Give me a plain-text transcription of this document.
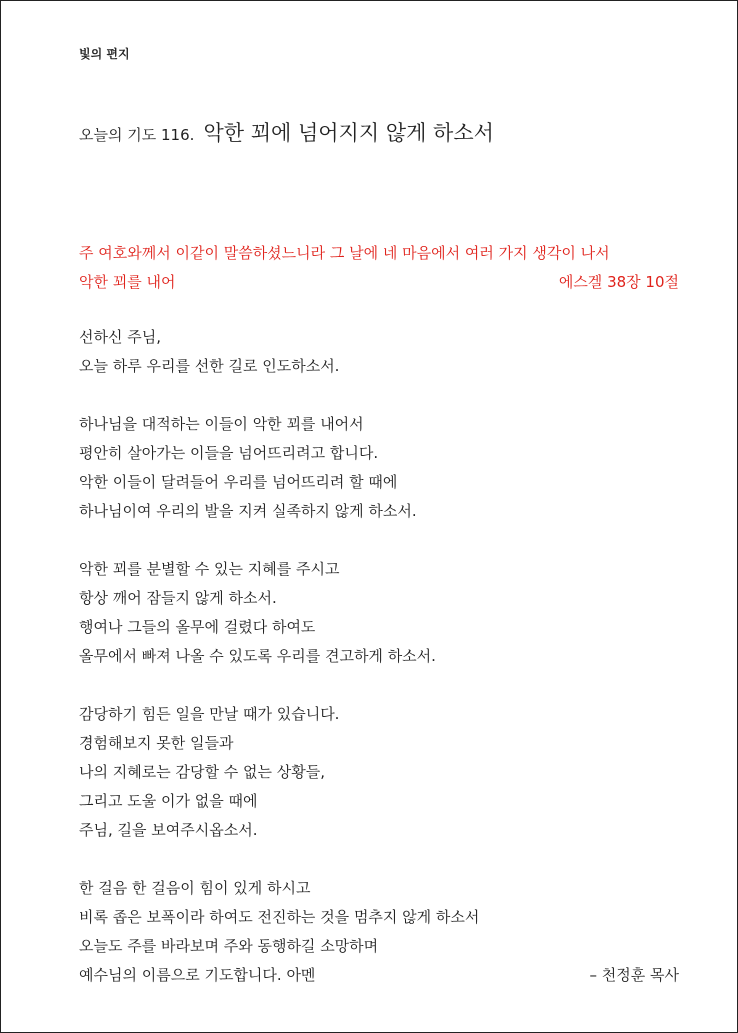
빛의 편지
오늘의 기도 116. 악한 꾀에 넘어지지 않게 하소서
주 여호와께서 이같이 말씀하셨느니라 그 날에 네 마음에서 여러 가지 생각이 나서
악한 꾀를 내어	에스겔 38장 10절
선하신 주님,
오늘 하루 우리를 선한 길로 인도하소서.
하나님을 대적하는 이들이 악한 꾀를 내어서
평안히 살아가는 이들을 넘어뜨리려고 합니다.
악한 이들이 달려들어 우리를 넘어뜨리려 할 때에
하나님이여 우리의 발을 지켜 실족하지 않게 하소서.
악한 꾀를 분별할 수 있는 지혜를 주시고
항상 깨어 잠들지 않게 하소서.
행여나 그들의 올무에 걸렸다 하여도
올무에서 빠져 나올 수 있도록 우리를 견고하게 하소서.
감당하기 힘든 일을 만날 때가 있습니다.
경험해보지 못한 일들과
나의 지혜로는 감당할 수 없는 상황들,
그리고 도울 이가 없을 때에
주님, 길을 보여주시옵소서.
한 걸음 한 걸음이 힘이 있게 하시고
비록 좁은 보폭이라 하여도 전진하는 것을 멈추지 않게 하소서
오늘도 주를 바라보며 주와 동행하길 소망하며
예수님의 이름으로 기도합니다. 아멘	– 천정훈 목사
